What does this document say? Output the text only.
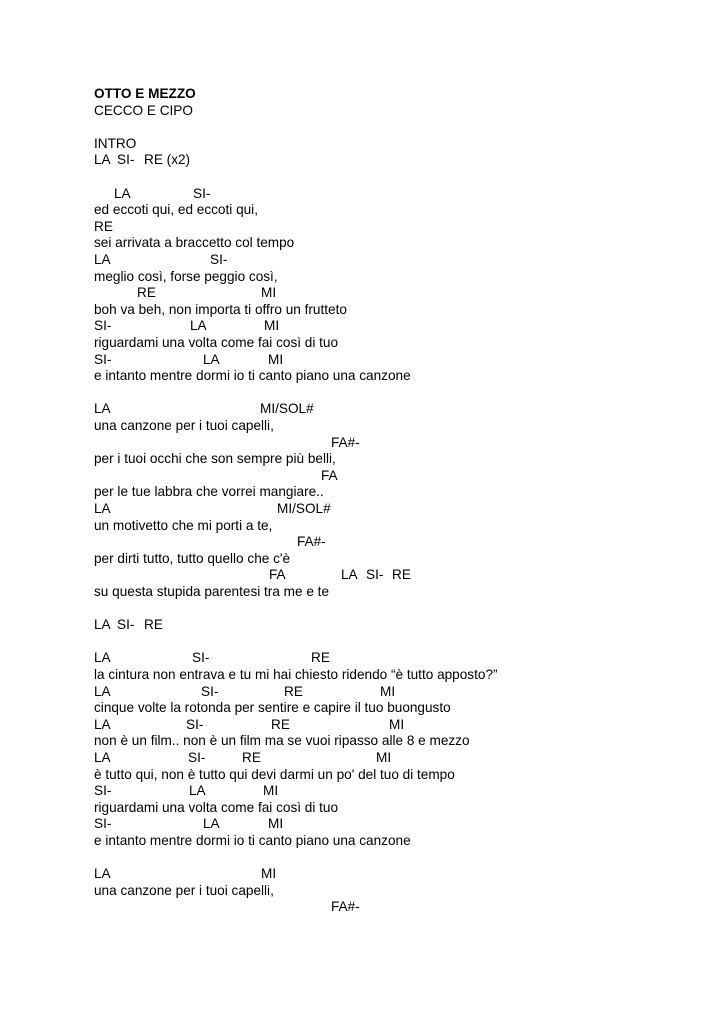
OTTO E MEZZO
CECCO E CIPO
INTRO
LA SI- RE (x2)
LA	SI-
ed eccoti qui, ed eccoti qui,
RE
sei arrivata a braccetto col tempo
LA	SI-
meglio così, forse peggio così,
RE	MI
boh va beh, non importa ti offro un frutteto
SI-	LA	MI
riguardami una volta come fai così di tuo
SI-	LA	MI
e intanto mentre dormi io ti canto piano una canzone
LA	MI/SOL#
una canzone per i tuoi capelli,
FA#-
per i tuoi occhi che son sempre più belli,
FA
per le tue labbra che vorrei mangiare..
LA	MI/SOL#
un motivetto che mi porti a te,
FA#-
per dirti tutto, tutto quello che c'è
FA	LA SI- RE
su questa stupida parentesi tra me e te
LA SI- RE
LA	SI-	RE
la cintura non entrava e tu mi hai chiesto ridendo “è tutto apposto?”
LA	SI-	RE	MI
cinque volte la rotonda per sentire e capire il tuo buongusto
LA	SI-	RE	MI
non è un film.. non è un film ma se vuoi ripasso alle 8 e mezzo
LA	SI-	RE	MI
è tutto qui, non è tutto qui devi darmi un po' del tuo di tempo
SI-	LA	MI
riguardami una volta come fai così di tuo
SI-	LA	MI
e intanto mentre dormi io ti canto piano una canzone
LA	MI
una canzone per i tuoi capelli,
FA#-
